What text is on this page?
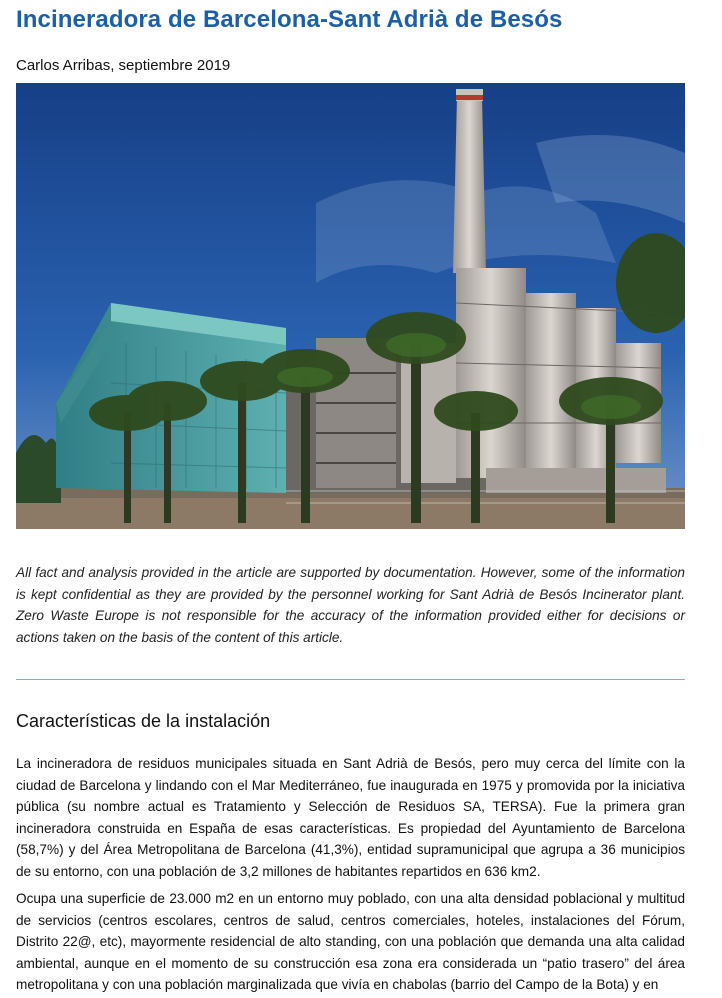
Incineradora de Barcelona-Sant Adrià de Besós
Carlos Arribas, septiembre 2019

All fact and analysis provided in the article are supported by documentation. However, some of the information is kept confidential as they are provided by the personnel working for Sant Adrià de Besós Incinerator plant. Zero Waste Europe is not responsible for the accuracy of the information provided either for decisions or actions taken on the basis of the content of this article.

Características de la instalación

La incineradora de residuos municipales situada en Sant Adrià de Besós, pero muy cerca del límite con la ciudad de Barcelona y lindando con el Mar Mediterráneo, fue inaugurada en 1975 y promovida por la iniciativa pública (su nombre actual es Tratamiento y Selección de Residuos SA, TERSA). Fue la primera gran incineradora construida en España de esas características. Es propiedad del Ayuntamiento de Barcelona (58,7%) y del Área Metropolitana de Barcelona (41,3%), entidad supramunicipal que agrupa a 36 municipios de su entorno, con una población de 3,2 millones de habitantes repartidos en 636 km2.

Ocupa una superficie de 23.000 m2 en un entorno muy poblado, con una alta densidad poblacional y multitud de servicios (centros escolares, centros de salud, centros comerciales, hoteles, instalaciones del Fórum, Distrito 22@, etc), mayormente residencial de alto standing, con una población que demanda una alta calidad ambiental, aunque en el momento de su construcción esa zona era considerada un “patio trasero” del área metropolitana y con una población marginalizada que vivía en chabolas (barrio del Campo de la Bota) y en
